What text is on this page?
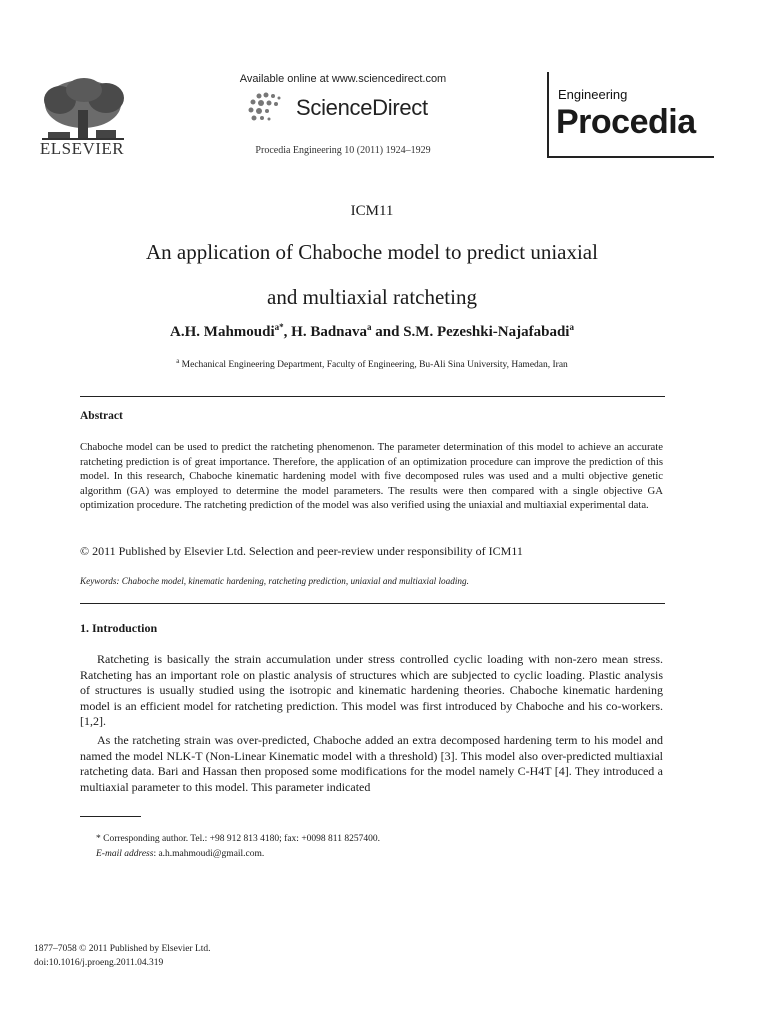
ELSEVIER
Available online at www.sciencedirect.com
ScienceDirect
Procedia Engineering 10 (2011) 1924–1929
Engineering
Procedia
ICM11
An application of Chaboche model to predict uniaxial
and multiaxial ratcheting
A.H. Mahmoudi$^{a*}$, H. Badnava$^a$ and S.M. Pezeshki-Najafabadi$^a$
$^a$ Mechanical Engineering Department, Faculty of Engineering, Bu-Ali Sina University, Hamedan, Iran
Abstract
Chaboche model can be used to predict the ratcheting phenomenon. The parameter determination of this model to achieve an accurate ratcheting prediction is of great importance. Therefore, the application of an optimization procedure can improve the prediction of this model. In this research, Chaboche kinematic hardening model with five decomposed rules was used and a multi objective genetic algorithm (GA) was employed to determine the model parameters. The results were then compared with a single objective GA optimization procedure. The ratcheting prediction of the model was also verified using the uniaxial and multiaxial experimental data.
© 2011 Published by Elsevier Ltd. Selection and peer-review under responsibility of ICM11
Keywords: Chaboche model, kinematic hardening, ratcheting prediction, uniaxial and multiaxial loading.
1. Introduction
Ratcheting is basically the strain accumulation under stress controlled cyclic loading with non-zero mean stress. Ratcheting has an important role on plastic analysis of structures which are subjected to cyclic loading. Plastic analysis of structures is usually studied using the isotropic and kinematic hardening theories. Chaboche kinematic hardening model is an efficient model for ratcheting prediction. This model was first introduced by Chaboche and his co-workers. [1,2].
As the ratcheting strain was over-predicted, Chaboche added an extra decomposed hardening term to his model and named the model NLK-T (Non-Linear Kinematic model with a threshold) [3]. This model also over-predicted multiaxial ratcheting data. Bari and Hassan then proposed some modifications for the model namely C-H4T [4]. They introduced a multiaxial parameter to this model. This parameter indicated
* Corresponding author. Tel.: +98 912 813 4180; fax: +0098 811 8257400.
E-mail address: a.h.mahmoudi@gmail.com.
1877–7058 © 2011 Published by Elsevier Ltd.
doi:10.1016/j.proeng.2011.04.319
